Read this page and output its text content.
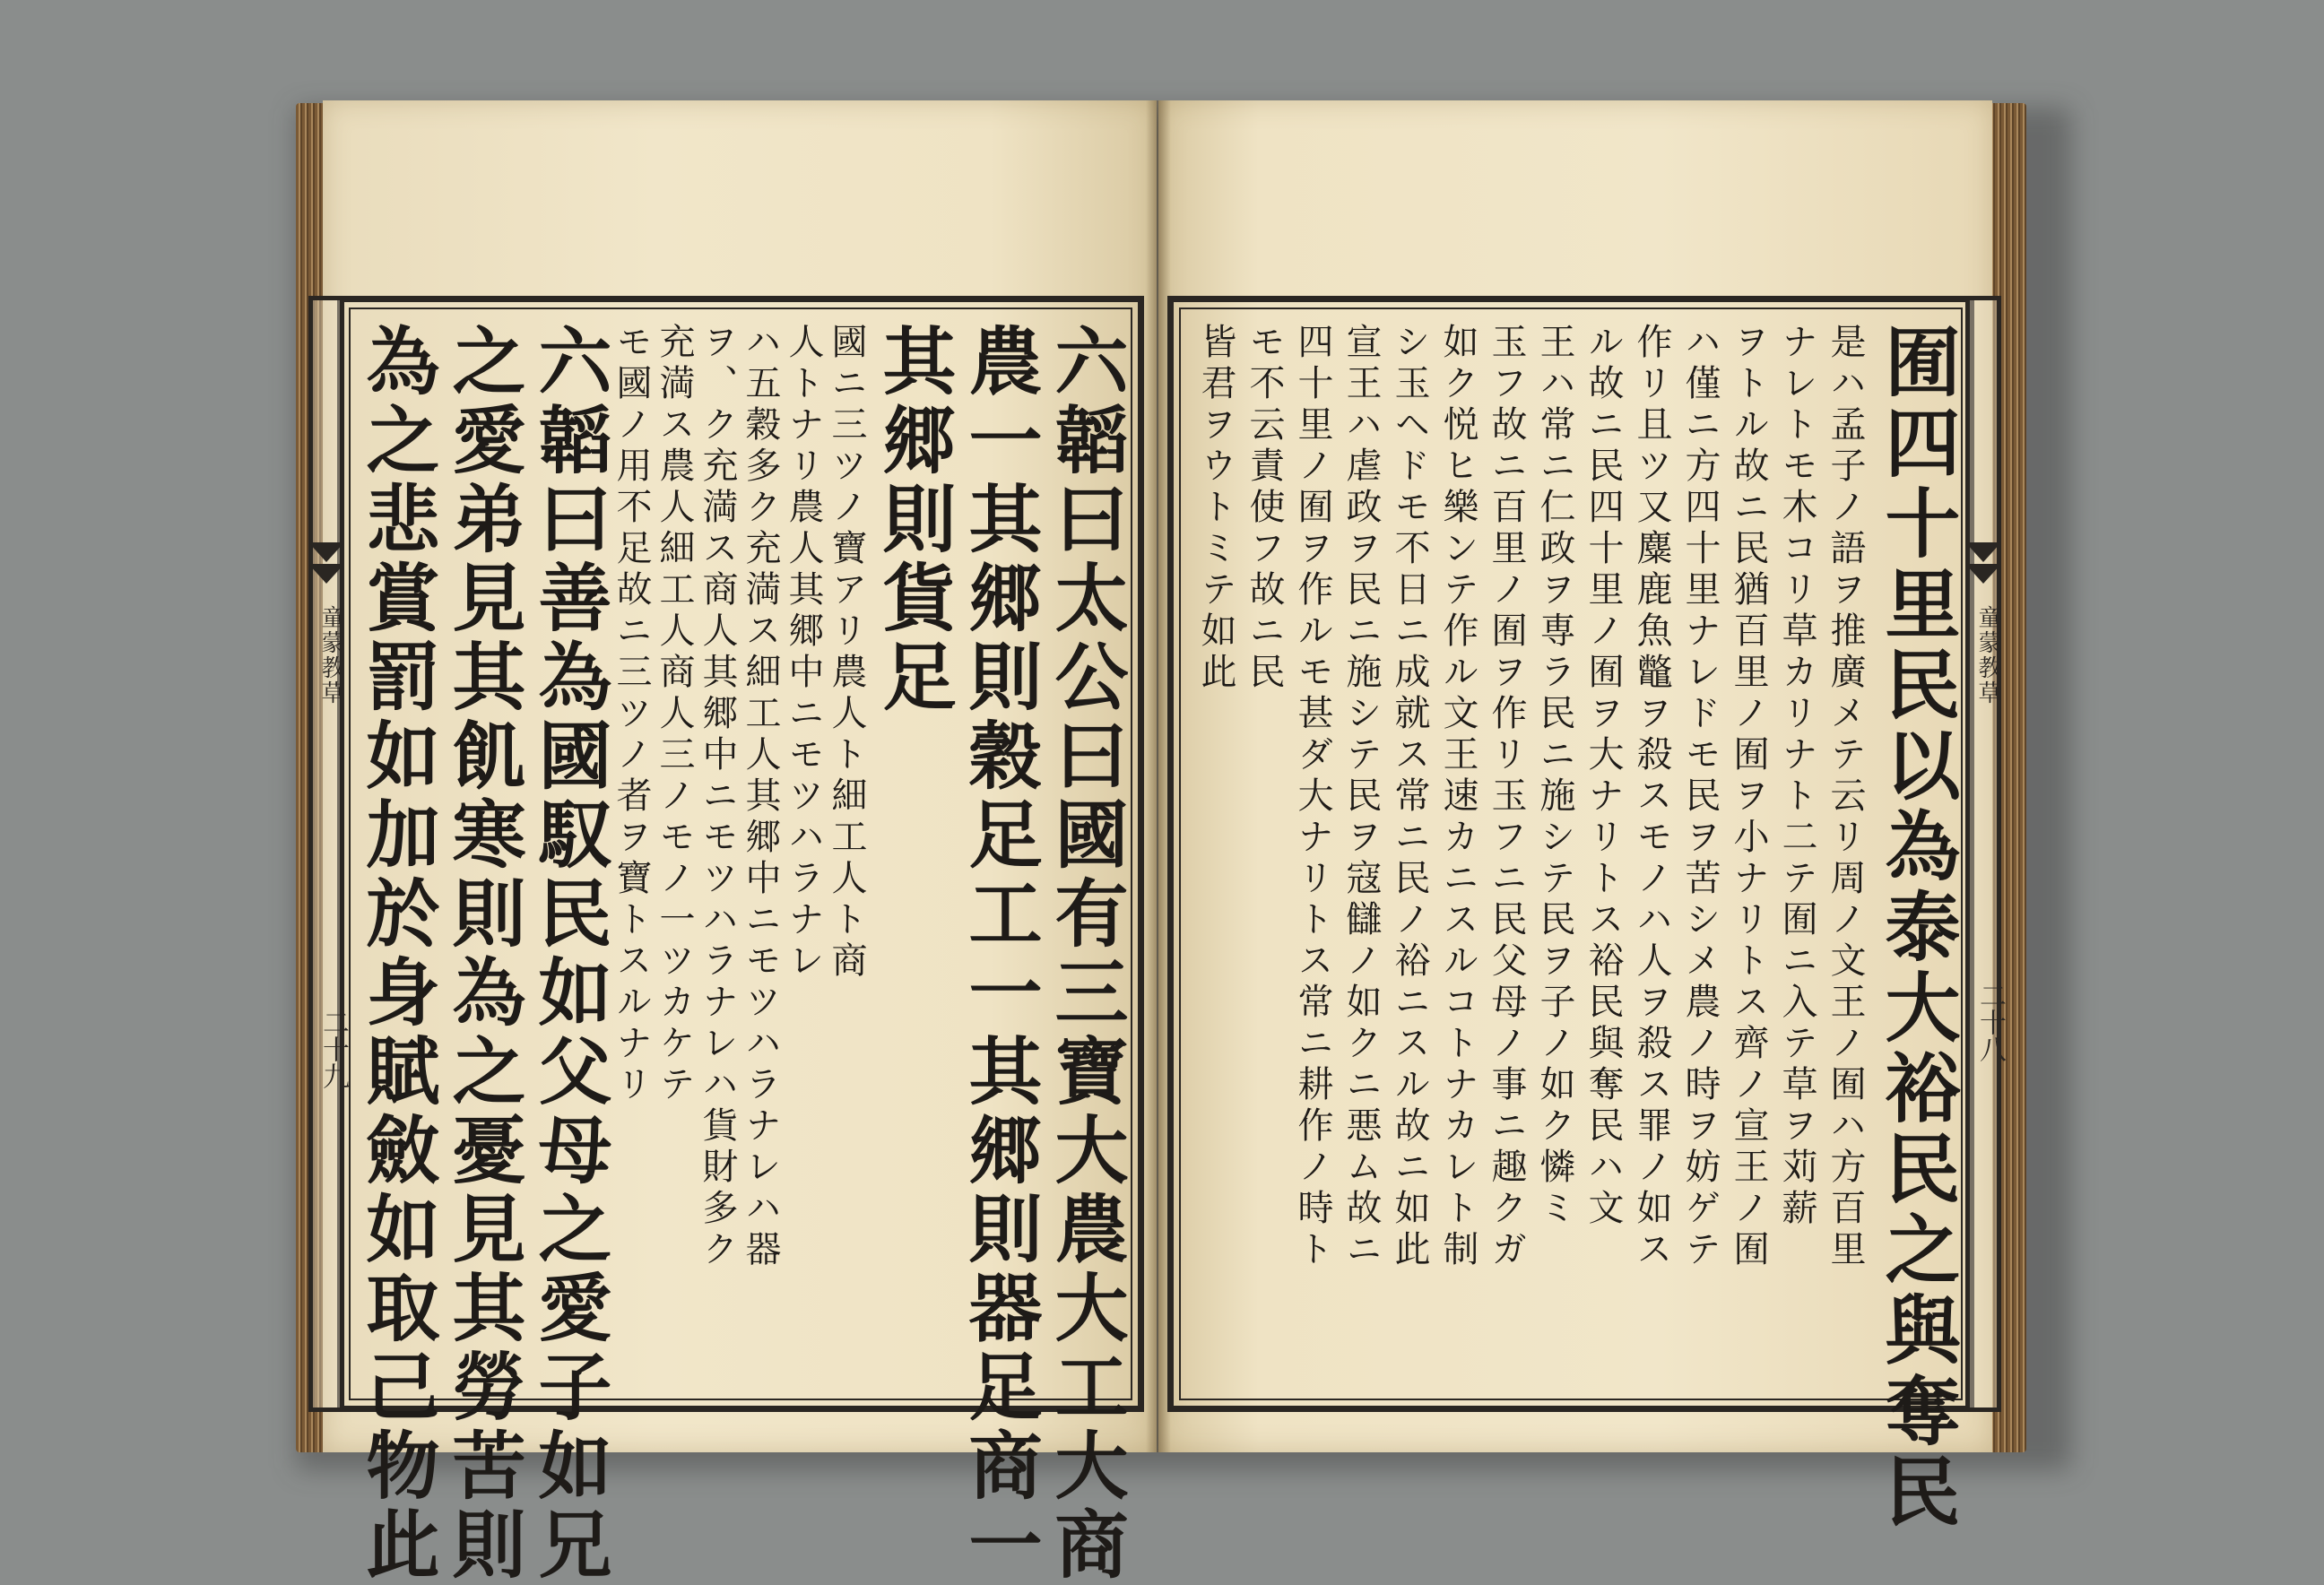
童蒙教草
二十九	六韜曰太公曰國有三寶大農大工大商
農一其郷則穀足工一其郷則器足商一
其郷則貨足
國ニ三ツノ寶アリ農人ト細工人ト商
人トナリ農人其郷中ニモツハラナレ
ハ五穀多ク充満ス細工人其郷中ニモツハラナレハ器
ヲ、ク充満ス商人其郷中ニモツハラナレハ貨財多ク
充満ス農人細工人商人三ノモノ一ツカケテ
モ國ノ用不足故ニ三ツノ者ヲ寶トスルナリ
六韜曰善為國馭民如父母之愛子如兄
之愛弟見其飢寒則為之憂見其勞苦則
為之悲賞罰如加於身賦斂如取己物此	童蒙教草
二十八
囿四十里民以為泰大裕民之與奪民
是ハ孟子ノ語ヲ推廣メテ云リ周ノ文王ノ囿ハ方百里
ナレトモ木コリ草カリナト二テ囿ニ入テ草ヲ苅薪
ヲトル故ニ民猶百里ノ囿ヲ小ナリトス齊ノ宣王ノ囿
ハ僅ニ方四十里ナレドモ民ヲ苦シメ農ノ時ヲ妨ゲテ
作リ且ツ又麋鹿魚鼈ヲ殺スモノハ人ヲ殺ス罪ノ如ス
ル故ニ民四十里ノ囿ヲ大ナリトス裕民與奪民ハ文
王ハ常ニ仁政ヲ専ラ民ニ施シテ民ヲ子ノ如ク憐ミ
玉フ故ニ百里ノ囿ヲ作リ玉フニ民父母ノ事ニ趣クガ
如ク悦ヒ樂ンテ作ル文王速カニスルコトナカレト制
シ玉ヘドモ不日ニ成就ス常ニ民ノ裕ニスル故ニ如此
宣王ハ虐政ヲ民ニ施シテ民ヲ寇讎ノ如クニ悪ム故ニ
四十里ノ囿ヲ作ルモ甚ダ大ナリトス常ニ耕作ノ時ト
モ不云責使フ故ニ民
皆君ヲウトミテ如此
